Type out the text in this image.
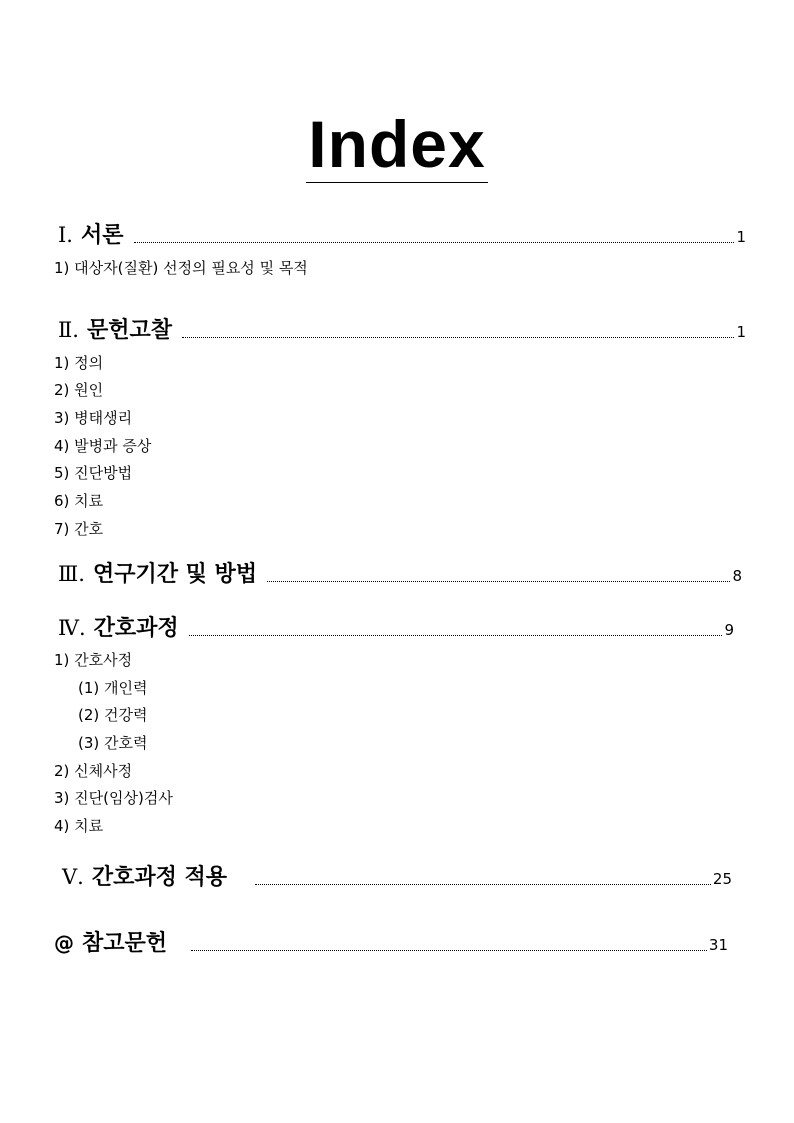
Index
Ⅰ. 서론	1
1) 대상자(질환) 선정의 필요성 및 목적
Ⅱ. 문헌고찰	1
1) 정의
2) 원인
3) 병태생리
4) 발병과 증상
5) 진단방법
6) 치료
7) 간호
Ⅲ. 연구기간 및 방법	8
Ⅳ. 간호과정	9
1) 간호사정
(1) 개인력
(2) 건강력
(3) 간호력
2) 신체사정
3) 진단(임상)검사
4) 치료
Ⅴ. 간호과정 적용	25
@ 참고문헌	31
